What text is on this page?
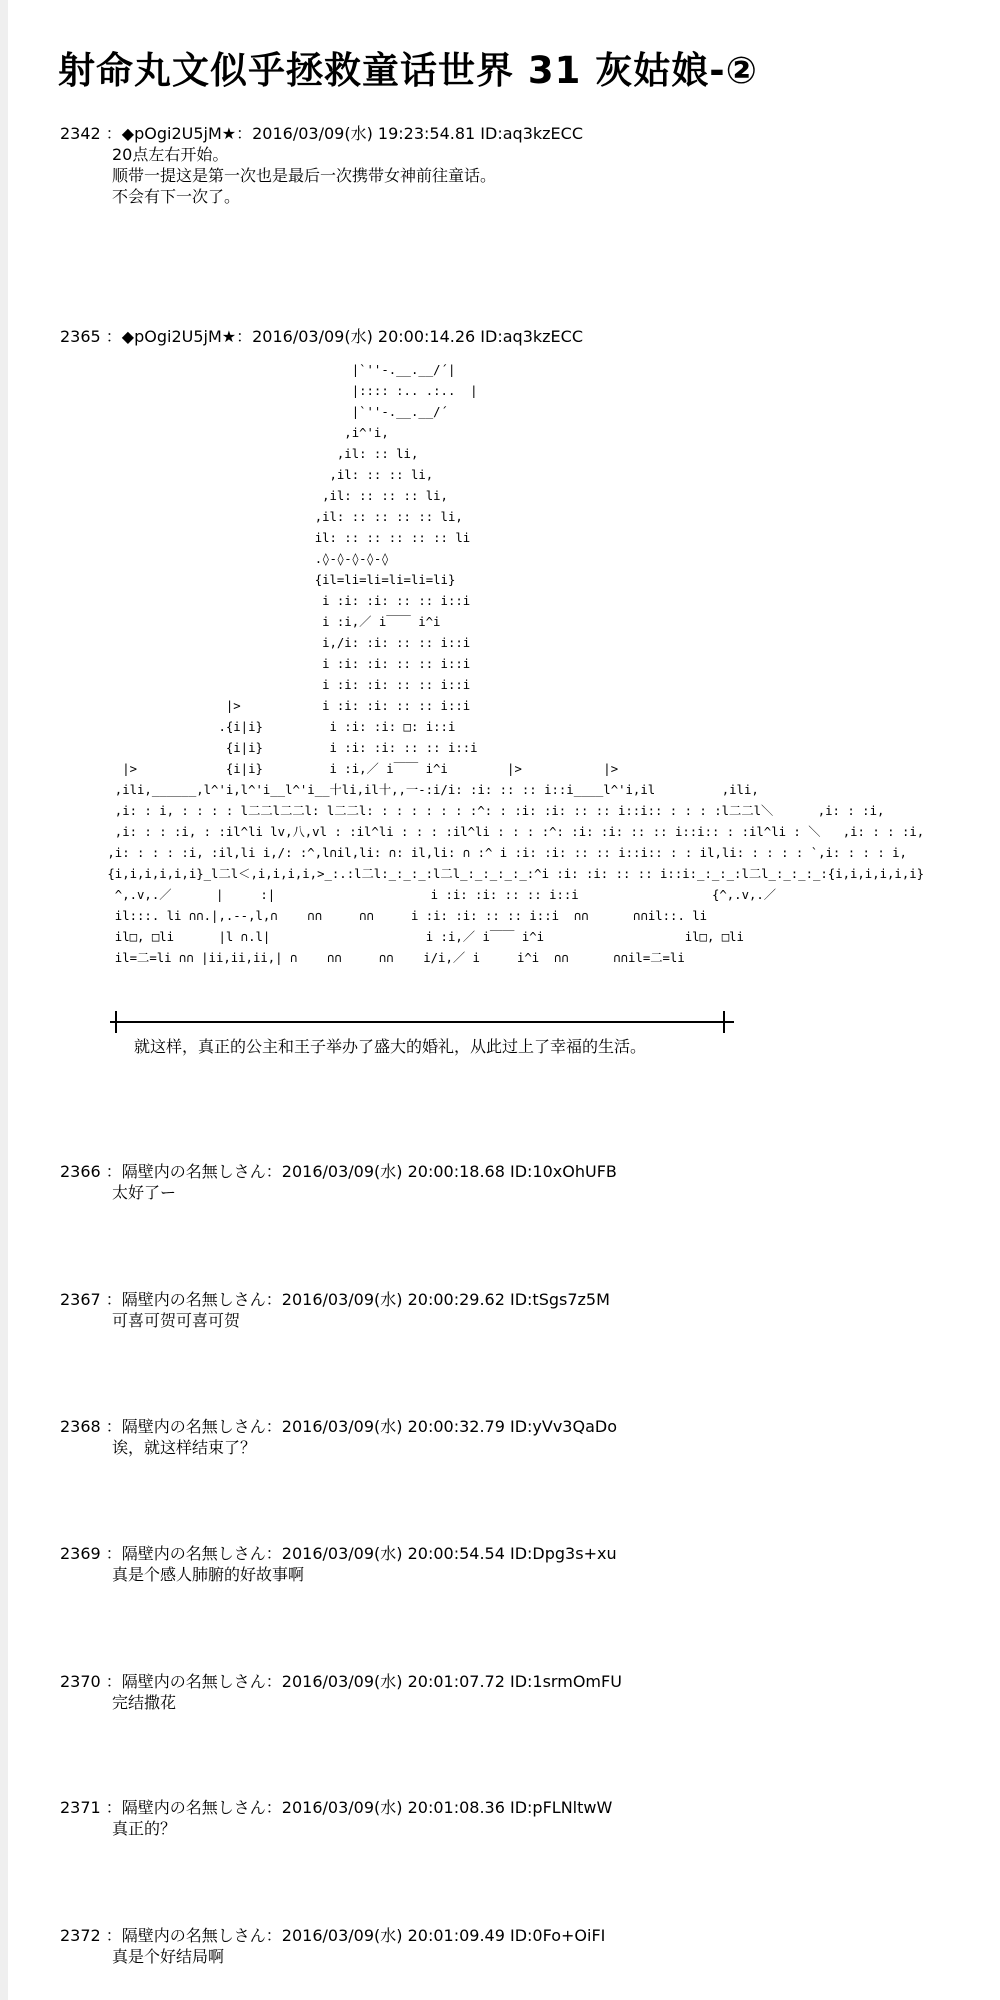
射命丸文似乎拯救童话世界 31 灰姑娘-②
2342 ：◆pOgi2U5jM★：2016/03/09(水) 19:23:54.81 ID:aq3kzECC
20点左右开始。
顺带一提这是第一次也是最后一次携带女神前往童话。
不会有下一次了。
2365 ：◆pOgi2U5jM★：2016/03/09(水) 20:00:14.26 ID:aq3kzECC
|`''-.__.__/´|
|:::: :.. .:..  |
|`''-.__.__/´
,i^'i,
,il: :: li,
,il: :: :: li,
,il: :: :: :: li,
,il: :: :: :: :: li,
il: :: :: :: :: :: li
.◊-◊-◊-◊-◊
{il=li=li=li=li=li}
i :i: :i: :: :: i::i
i :i,／ i￣￣ i^i
i,/i: :i: :: :: i::i
i :i: :i: :: :: i::i
i :i: :i: :: :: i::i
|>           i :i: :i: :: :: i::i
.{i|i}         i :i: :i: □: i::i
{i|i}         i :i: :i: :: :: i::i
|>            {i|i}         i :i,／ i￣￣ i^i        |>           |>
,ili,______,l^'i,l^'i__l^'i__十li,il十,,一-:i/i: :i: :: :: i::i____l^'i,il         ,ili,
,i: : i, : : : : l二二l二二l: l二二l: : : : : : : :^: : :i: :i: :: :: i::i:: : : : :l二二l＼      ,i: : :i,
,i: : : :i, : :il^li lv,八,vl : :il^li : : : :il^li : : : :^: :i: :i: :: :: i::i:: : :il^li : ＼   ,i: : : :i,
,i: : : : :i, :il,li i,/: :^,l∩il,li: ∩: il,li: ∩ :^ i :i: :i: :: :: i::i:: : : il,li: : : : : `,i: : : : i,
{i,i,i,i,i,i}_l二l＜,i,i,i,i,>_:.:l二l:_:_:_:l二l_:_:_:_:_:^i :i: :i: :: :: i::i:_:_:_:l二l_:_:_:_:{i,i,i,i,i,i}
^,.v,.／      |     :|                     i :i: :i: :: :: i::i                  {^,.v,.／
il:::. li ∩∩.|,.--,l,∩    ∩∩     ∩∩     i :i: :i: :: :: i::i  ∩∩      ∩∩il::. li
il□, □li      |l ∩.l|                     i :i,／ i￣￣ i^i                   il□, □li
il=二=li ∩∩ |ii,ii,ii,| ∩    ∩∩     ∩∩    i/i,／ i     i^i  ∩∩      ∩∩il=二=li
就这样，真正的公主和王子举办了盛大的婚礼，从此过上了幸福的生活。
2366 ：隔壁内の名無しさん：2016/03/09(水) 20:00:18.68 ID:10xOhUFB
太好了ー
2367 ：隔壁内の名無しさん：2016/03/09(水) 20:00:29.62 ID:tSgs7z5M
可喜可贺可喜可贺
2368 ：隔壁内の名無しさん：2016/03/09(水) 20:00:32.79 ID:yVv3QaDo
诶，就这样结束了？
2369 ：隔壁内の名無しさん：2016/03/09(水) 20:00:54.54 ID:Dpg3s+xu
真是个感人肺腑的好故事啊
2370 ：隔壁内の名無しさん：2016/03/09(水) 20:01:07.72 ID:1srmOmFU
完结撒花
2371 ：隔壁内の名無しさん：2016/03/09(水) 20:01:08.36 ID:pFLNltwW
真正的？
2372 ：隔壁内の名無しさん：2016/03/09(水) 20:01:09.49 ID:0Fo+OiFI
真是个好结局啊
